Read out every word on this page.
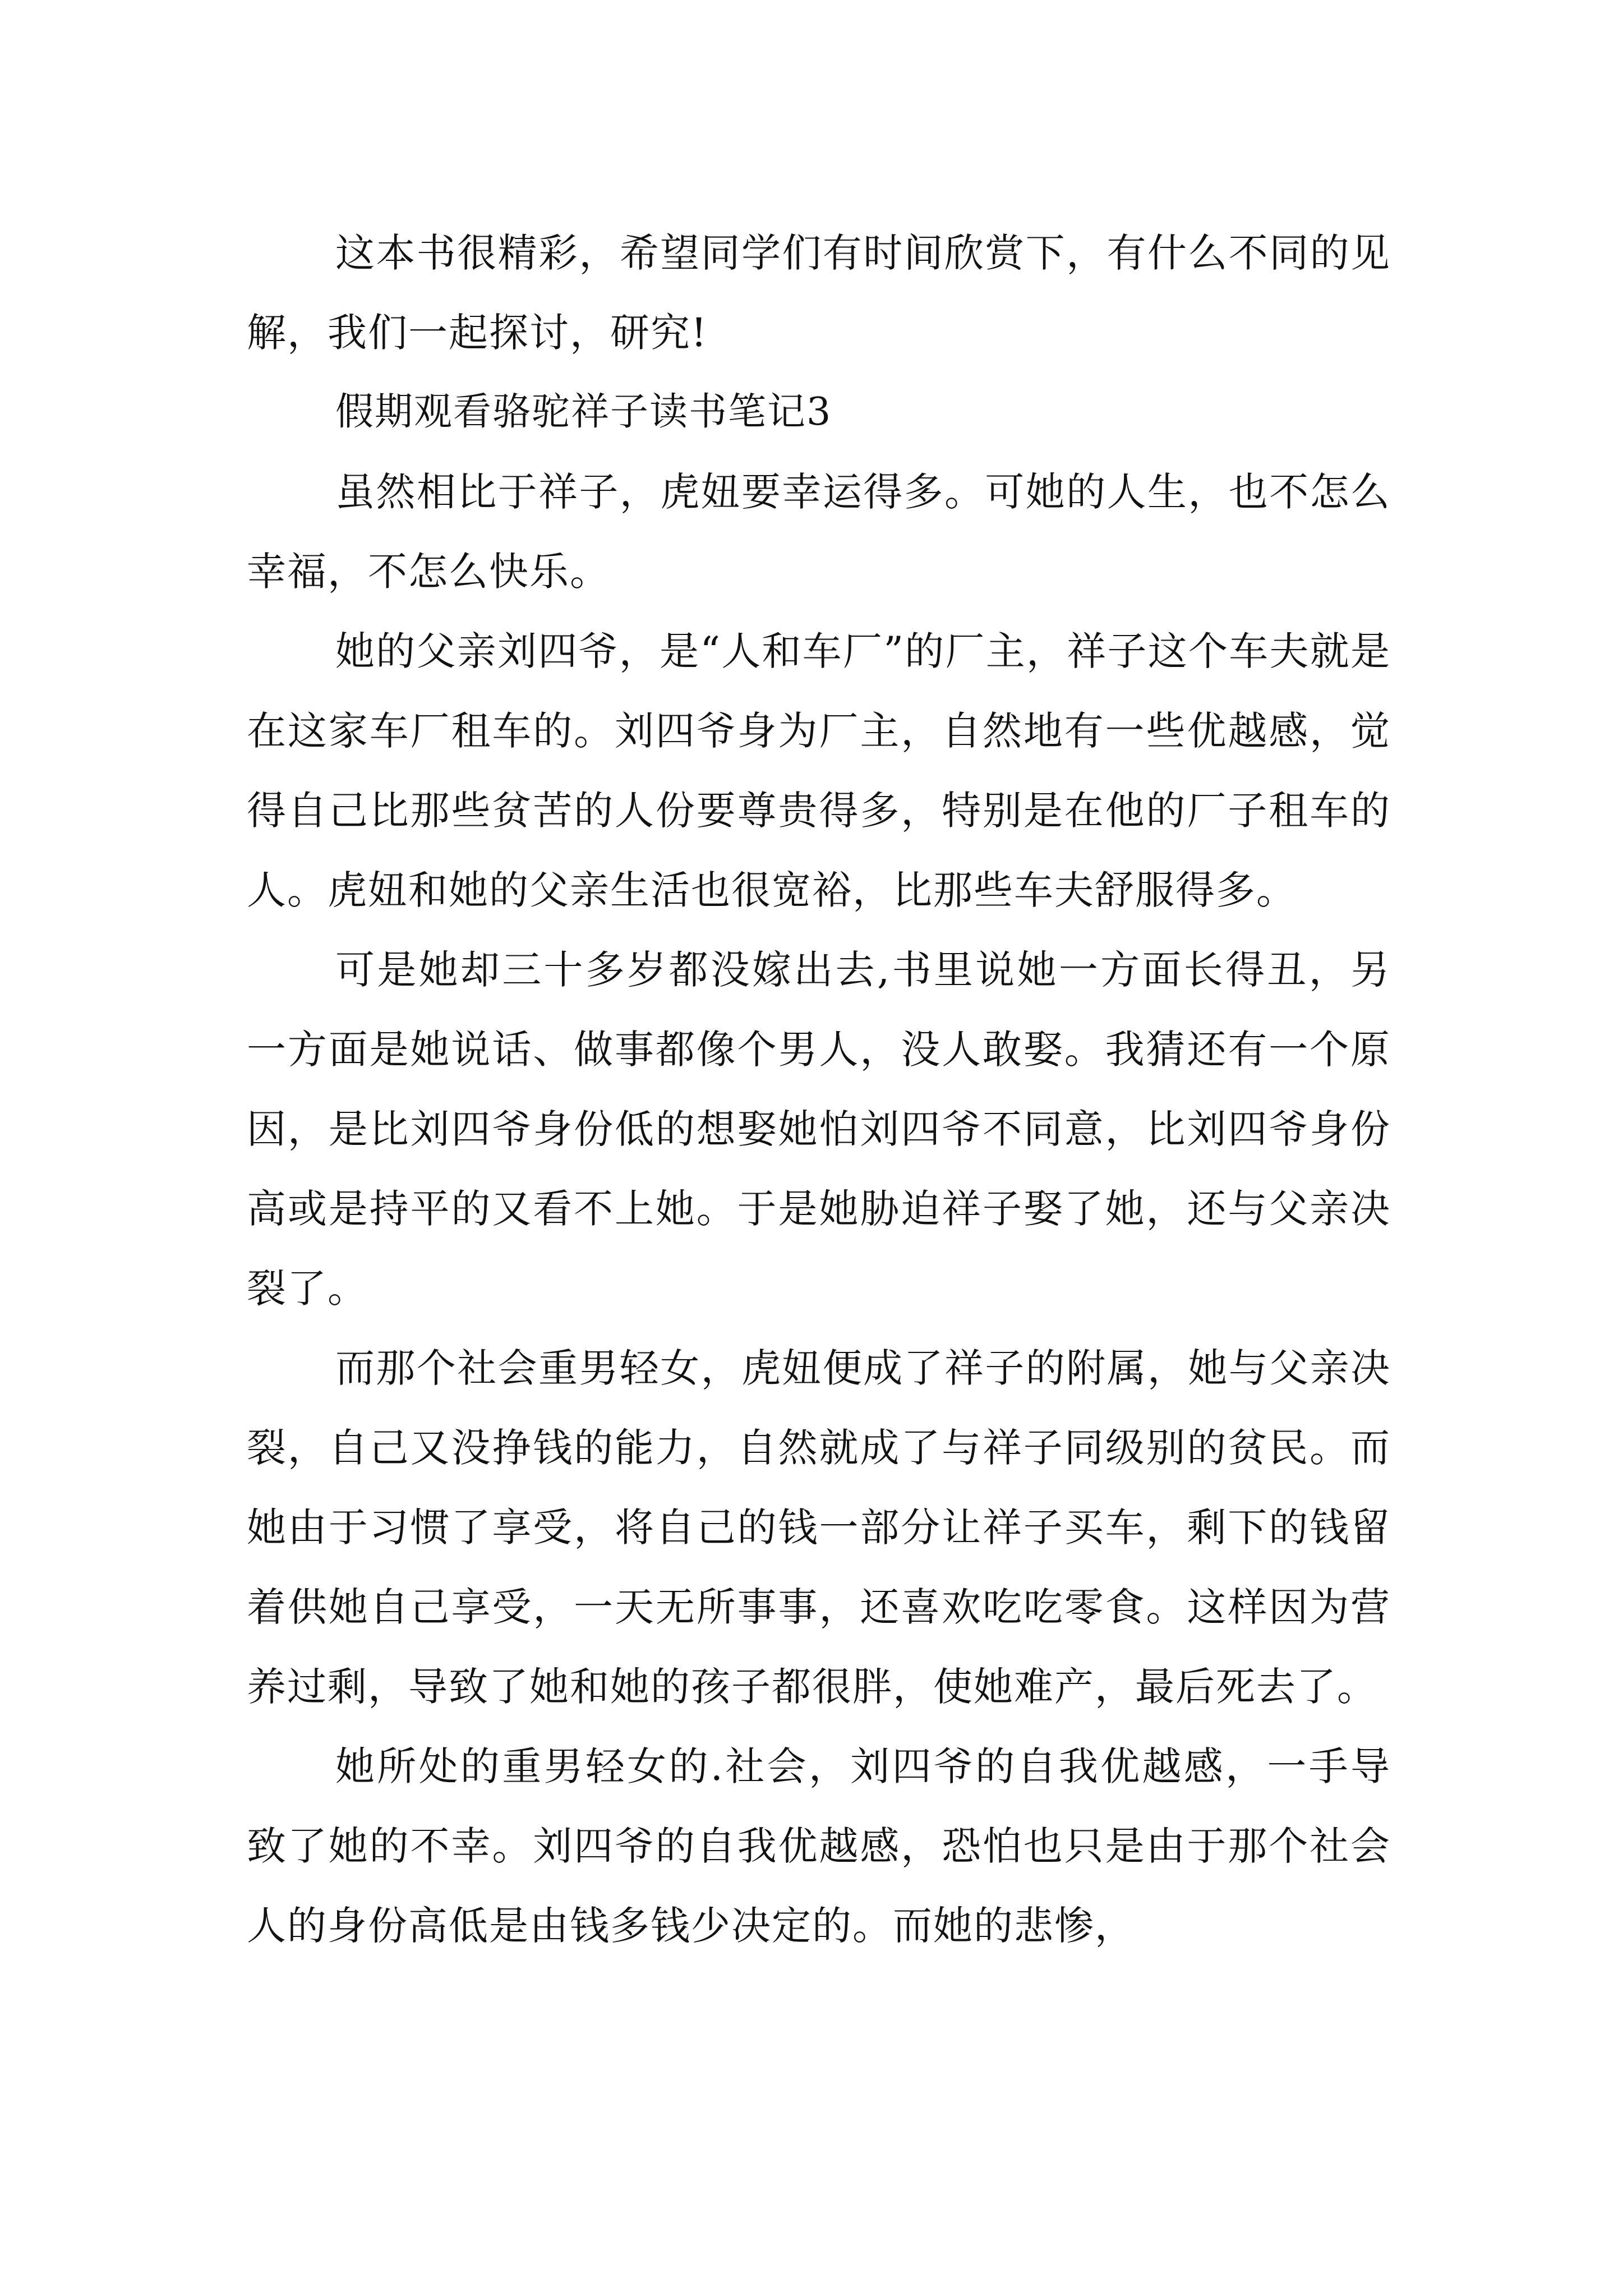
这本书很精彩，希望同学们有时间欣赏下，有什么不同的见解，我们一起探讨，研究!

假期观看骆驼祥子读书笔记3

虽然相比于祥子，虎妞要幸运得多。可她的人生，也不怎么幸福，不怎么快乐。

她的父亲刘四爷，是“人和车厂”的厂主，祥子这个车夫就是在这家车厂租车的。刘四爷身为厂主，自然地有一些优越感，觉得自己比那些贫苦的人份要尊贵得多，特别是在他的厂子租车的人。虎妞和她的父亲生活也很宽裕，比那些车夫舒服得多。

可是她却三十多岁都没嫁出去,书里说她一方面长得丑，另一方面是她说话、做事都像个男人，没人敢娶。我猜还有一个原因，是比刘四爷身份低的想娶她怕刘四爷不同意，比刘四爷身份高或是持平的又看不上她。于是她胁迫祥子娶了她，还与父亲决裂了。

而那个社会重男轻女，虎妞便成了祥子的附属，她与父亲决裂，自己又没挣钱的能力，自然就成了与祥子同级别的贫民。而她由于习惯了享受，将自己的钱一部分让祥子买车，剩下的钱留着供她自己享受，一天无所事事，还喜欢吃吃零食。这样因为营养过剩，导致了她和她的孩子都很胖，使她难产，最后死去了。

她所处的重男轻女的.社会，刘四爷的自我优越感，一手导致了她的不幸。刘四爷的自我优越感，恐怕也只是由于那个社会人的身份高低是由钱多钱少决定的。而她的悲惨，
